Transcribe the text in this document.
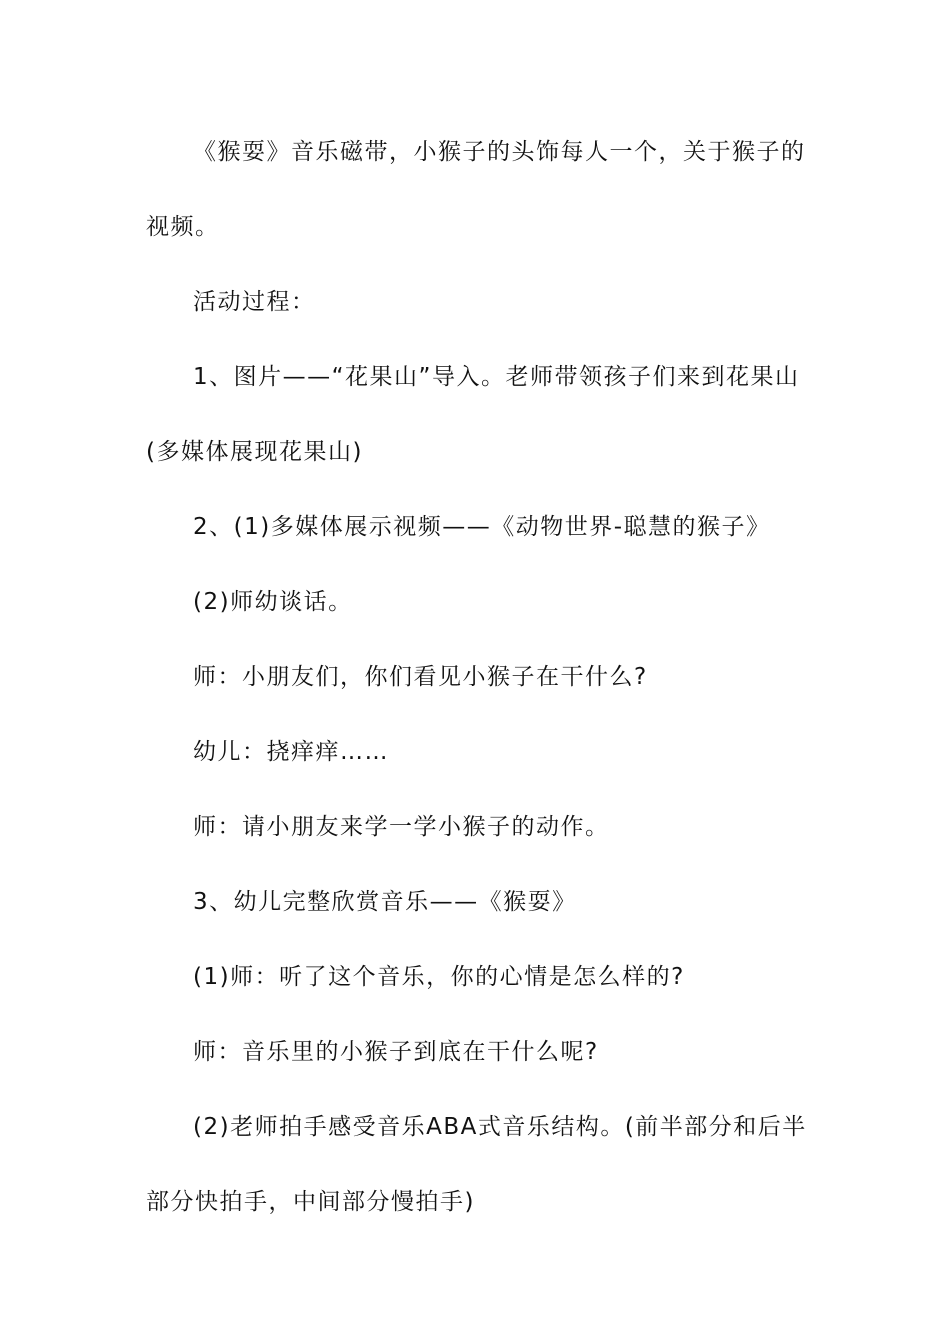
《猴耍》音乐磁带，小猴子的头饰每人一个，关于猴子的
视频。
活动过程：
1、图片——“花果山”导入。老师带领孩子们来到花果山
(多媒体展现花果山)
2、(1)多媒体展示视频——《动物世界-聪慧的猴子》
(2)师幼谈话。
师：小朋友们，你们看见小猴子在干什么?
幼儿：挠痒痒……
师：请小朋友来学一学小猴子的动作。
3、幼儿完整欣赏音乐——《猴耍》
(1)师：听了这个音乐，你的心情是怎么样的?
师：音乐里的小猴子到底在干什么呢?
(2)老师拍手感受音乐ABA式音乐结构。(前半部分和后半
部分快拍手，中间部分慢拍手)
